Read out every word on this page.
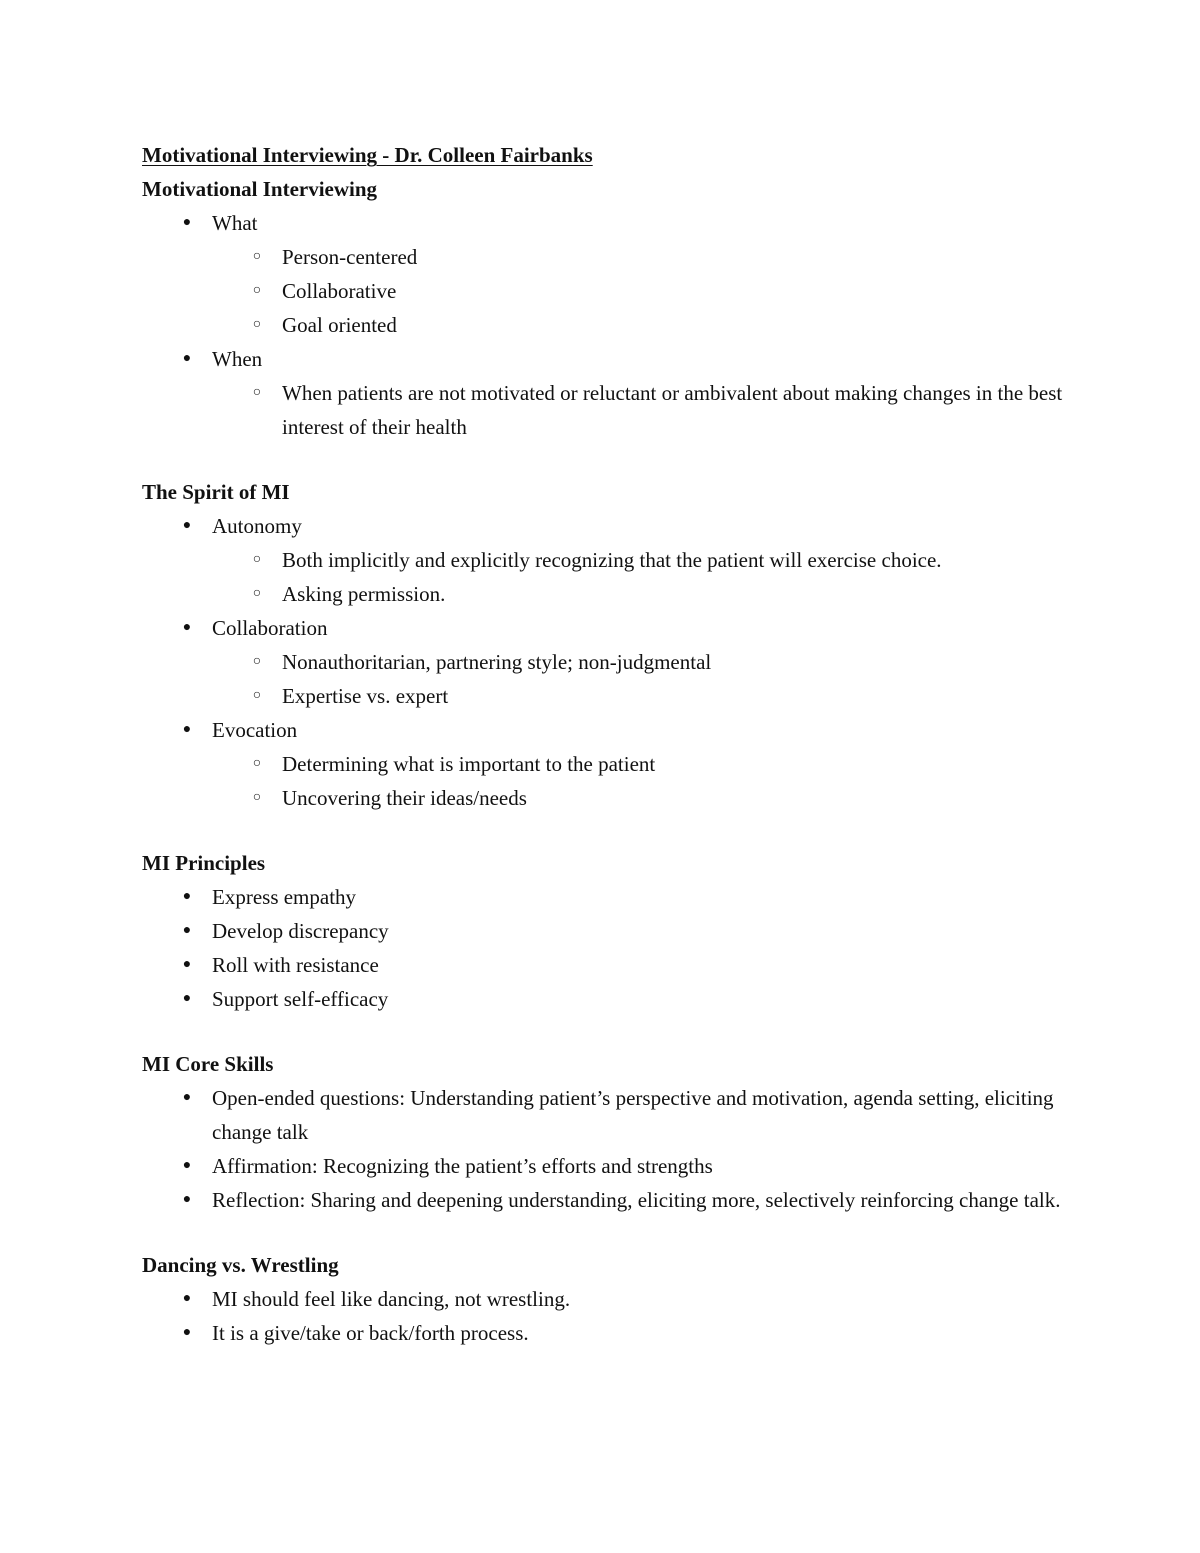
Motivational Interviewing - Dr. Colleen Fairbanks
Motivational Interviewing
● What
○ Person-centered
○ Collaborative
○ Goal oriented
● When
○ When patients are not motivated or reluctant or ambivalent about making changes in the best interest of their health
The Spirit of MI
● Autonomy
○ Both implicitly and explicitly recognizing that the patient will exercise choice.
○ Asking permission.
● Collaboration
○ Nonauthoritarian, partnering style; non-judgmental
○ Expertise vs. expert
● Evocation
○ Determining what is important to the patient
○ Uncovering their ideas/needs
MI Principles
● Express empathy
● Develop discrepancy
● Roll with resistance
● Support self-efficacy
MI Core Skills
● Open-ended questions: Understanding patient’s perspective and motivation, agenda setting, eliciting change talk
● Affirmation: Recognizing the patient’s efforts and strengths
● Reflection: Sharing and deepening understanding, eliciting more, selectively reinforcing change talk.
Dancing vs. Wrestling
● MI should feel like dancing, not wrestling.
● It is a give/take or back/forth process.
